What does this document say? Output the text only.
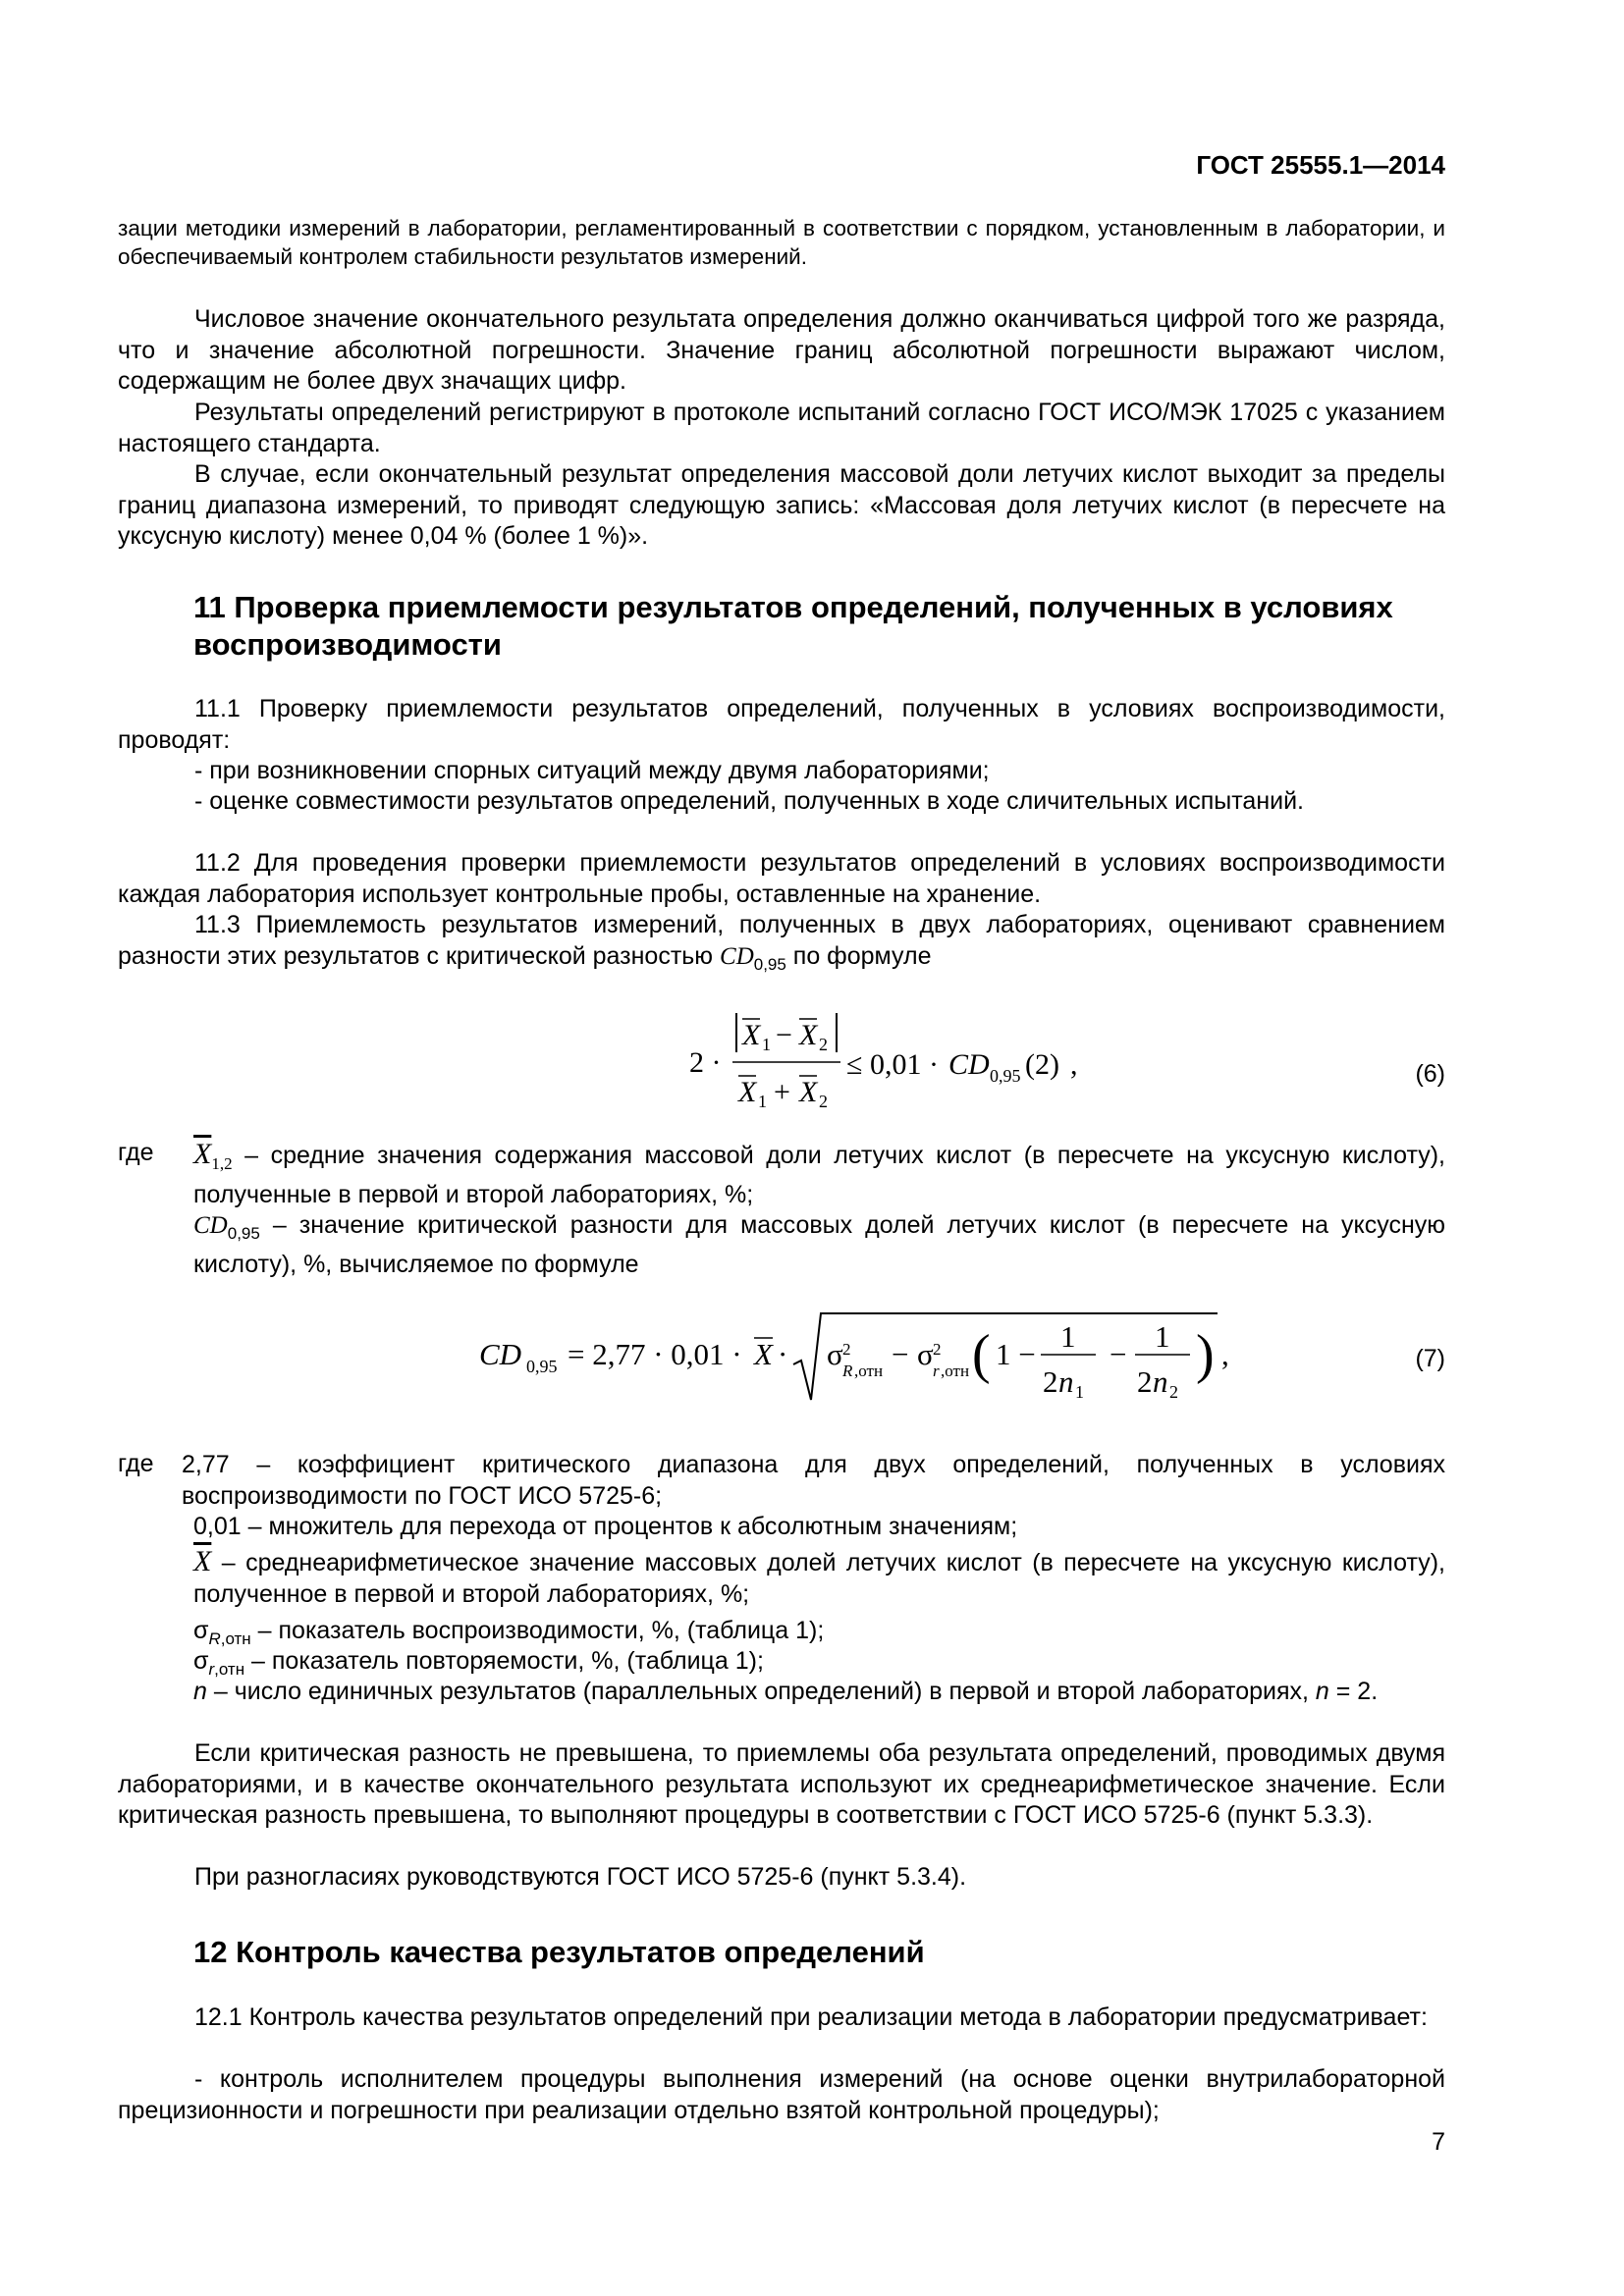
ГОСТ 25555.1—2014
зации методики измерений в лаборатории, регламентированный в соответствии с порядком, установленным в лаборатории, и обеспечиваемый контролем стабильности результатов измерений.
Числовое значение окончательного результата определения должно оканчиваться цифрой того же разряда, что и значение абсолютной погрешности. Значение границ абсолютной погрешности выражают числом, содержащим не более двух значащих цифр.
Результаты определений регистрируют в протоколе испытаний согласно ГОСТ ИСО/МЭК 17025 с указанием настоящего стандарта.
В случае, если окончательный результат определения массовой доли летучих кислот выходит за пределы границ диапазона измерений, то приводят следующую запись: «Массовая доля летучих кислот (в пересчете на уксусную кислоту) менее 0,04 % (более 1 %)».
11 Проверка приемлемости результатов определений, полученных в условиях воспроизводимости
11.1 Проверку приемлемости результатов определений, полученных в условиях воспроизводимости, проводят:
- при возникновении спорных ситуаций между двумя лабораториями;
- оценке совместимости результатов определений, полученных в ходе сличительных испытаний.
11.2 Для проведения проверки приемлемости результатов определений в условиях воспроизводимости каждая лаборатория использует контрольные пробы, оставленные на хранение.
11.3 Приемлемость результатов измерений, полученных в двух лабораториях, оценивают сравнением разности этих результатов с критической разностью $CD_{0,95}$ по формуле
2 ·
X 1 − X 2
X 1 + X 2
≤ 0,01 · CD 0,95 (2) ,	(6)
где $\overline{X}_{1,2}$ – средние значения содержания массовой доли летучих кислот (в пересчете на уксусную кислоту), полученные в первой и второй лабораториях, %;
$CD_{0,95}$ – значение критической разности для массовых долей летучих кислот (в пересчете на уксусную кислоту), %, вычисляемое по формуле
CD 0,95 = 2,77 · 0,01 · X · σ 2
R ,отн − σ 2
r ,отн ( 1 −
1
2 n 1
−
1
2 n 2
) ,	(7)
где 2,77 – коэффициент критического диапазона для двух определений, полученных в условиях воспроизводимости по ГОСТ ИСО 5725-6;
0,01 – множитель для перехода от процентов к абсолютным значениям;
$\overline{X}$ – среднеарифметическое значение массовых долей летучих кислот (в пересчете на уксусную кислоту), полученное в первой и второй лабораториях, %;
$\sigma_{R,отн}$ – показатель воспроизводимости, %, (таблица 1);
$\sigma_{r,отн}$ – показатель повторяемости, %, (таблица 1);
n – число единичных результатов (параллельных определений) в первой и второй лабораториях, n = 2.
Если критическая разность не превышена, то приемлемы оба результата определений, проводимых двумя лабораториями, и в качестве окончательного результата используют их среднеарифметическое значение. Если критическая разность превышена, то выполняют процедуры в соответствии с ГОСТ ИСО 5725-6 (пункт 5.3.3).
При разногласиях руководствуются ГОСТ ИСО 5725-6 (пункт 5.3.4).
12 Контроль качества результатов определений
12.1 Контроль качества результатов определений при реализации метода в лаборатории предусматривает:
- контроль исполнителем процедуры выполнения измерений (на основе оценки внутрилабораторной прецизионности и погрешности при реализации отдельно взятой контрольной процедуры);
7
